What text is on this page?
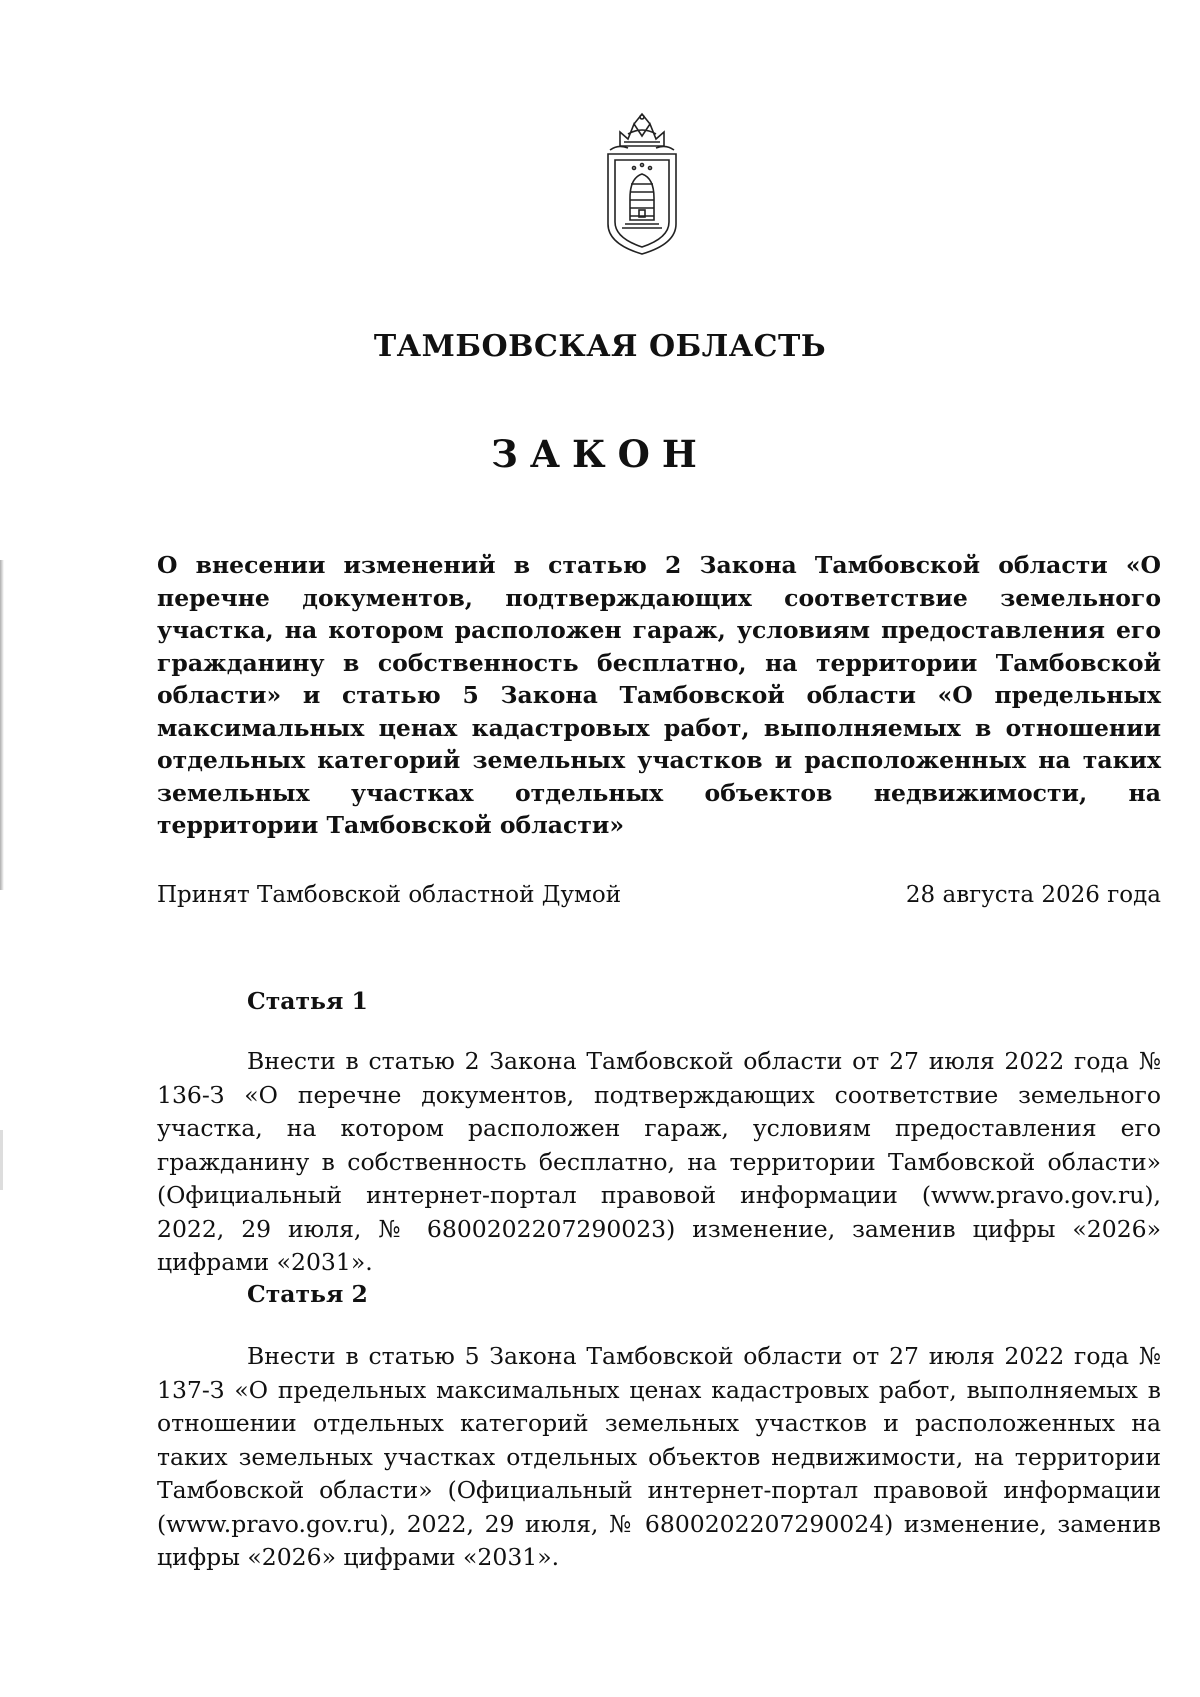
ТАМБОВСКАЯ ОБЛАСТЬ
ЗАКОН
О внесении изменений в статью 2 Закона Тамбовской области «О перечне документов, подтверждающих соответствие земельного участка, на котором расположен гараж, условиям предоставления его гражданину в собственность бесплатно, на территории Тамбовской области» и статью 5 Закона Тамбовской области «О предельных максимальных ценах кадастровых работ, выполняемых в отношении отдельных категорий земельных участков и расположенных на таких земельных участках отдельных объектов недвижимости, на территории Тамбовской области»
Принят Тамбовской областной Думой	28 августа 2026 года
Статья 1
Внести в статью 2 Закона Тамбовской области от 27 июля 2022 года № 136-З «О перечне документов, подтверждающих соответствие земельного участка, на котором расположен гараж, условиям предоставления его гражданину в собственность бесплатно, на территории Тамбовской области» (Официальный интернет-портал правовой информации (www.pravo.gov.ru), 2022, 29 июля, № 6800202207290023) изменение, заменив цифры «2026» цифрами «2031».
Статья 2
Внести в статью 5 Закона Тамбовской области от 27 июля 2022 года № 137-З «О предельных максимальных ценах кадастровых работ, выполняемых в отношении отдельных категорий земельных участков и расположенных на таких земельных участках отдельных объектов недвижимости, на территории Тамбовской области» (Официальный интернет-портал правовой информации (www.pravo.gov.ru), 2022, 29 июля, № 6800202207290024) изменение, заменив цифры «2026» цифрами «2031».
